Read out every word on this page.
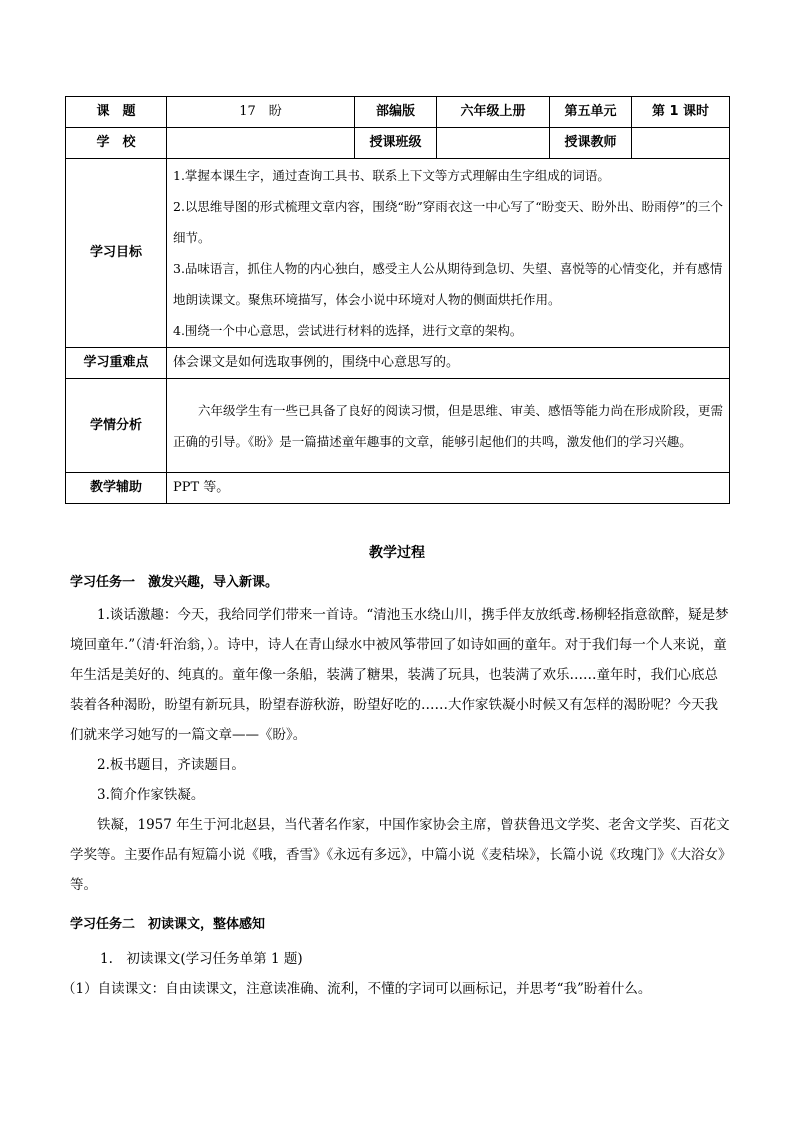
课　题	17　盼	部编版	六年级上册	第五单元	第 1 课时
学　校		授课班级		授课教师	
学习目标	1.掌握本课生字，通过查询工具书、联系上下文等方式理解由生字组成的词语。

2.以思维导图的形式梳理文章内容，围绕“盼”穿雨衣这一中心写了“盼变天、盼外出、盼雨停”的三个细节。

3.品味语言，抓住人物的内心独白，感受主人公从期待到急切、失望、喜悦等的心情变化，并有感情地朗读课文。聚焦环境描写，体会小说中环境对人物的侧面烘托作用。

4.围绕一个中心意思，尝试进行材料的选择，进行文章的架构。				

学习重难点	体会课文是如何选取事例的，围绕中心意思写的。				
学情分析	六年级学生有一些已具备了良好的阅读习惯，但是思维、审美、感悟等能力尚在形成阶段，更需正确的引导。《盼》是一篇描述童年趣事的文章，能够引起他们的共鸣，激发他们的学习兴趣。				

教学辅助	PPT 等。				
教学过程
学习任务一　激发兴趣，导入新课。

1.谈话激趣：今天，我给同学们带来一首诗。“清池玉水绕山川，携手伴友放纸鸢.杨柳轻指意欲醉，疑是梦境回童年.”（清·轩治翁，）。诗中，诗人在青山绿水中被风筝带回了如诗如画的童年。对于我们每一个人来说，童年生活是美好的、纯真的。童年像一条船，装满了糖果，装满了玩具，也装满了欢乐……童年时，我们心底总装着各种渴盼，盼望有新玩具，盼望春游秋游，盼望好吃的……大作家铁凝小时候又有怎样的渴盼呢？今天我们就来学习她写的一篇文章——《盼》。

2.板书题目，齐读题目。

3.简介作家铁凝。

铁凝，1957 年生于河北赵县，当代著名作家，中国作家协会主席，曾获鲁迅文学奖、老舍文学奖、百花文学奖等。主要作品有短篇小说《哦，香雪》《永远有多远》，中篇小说《麦秸垛》，长篇小说《玫瑰门》《大浴女》等。

学习任务二　初读课文，整体感知

1.　初读课文(学习任务单第 1 题)

（1）自读课文：自由读课文，注意读准确、流利，不懂的字词可以画标记，并思考“我”盼着什么。
